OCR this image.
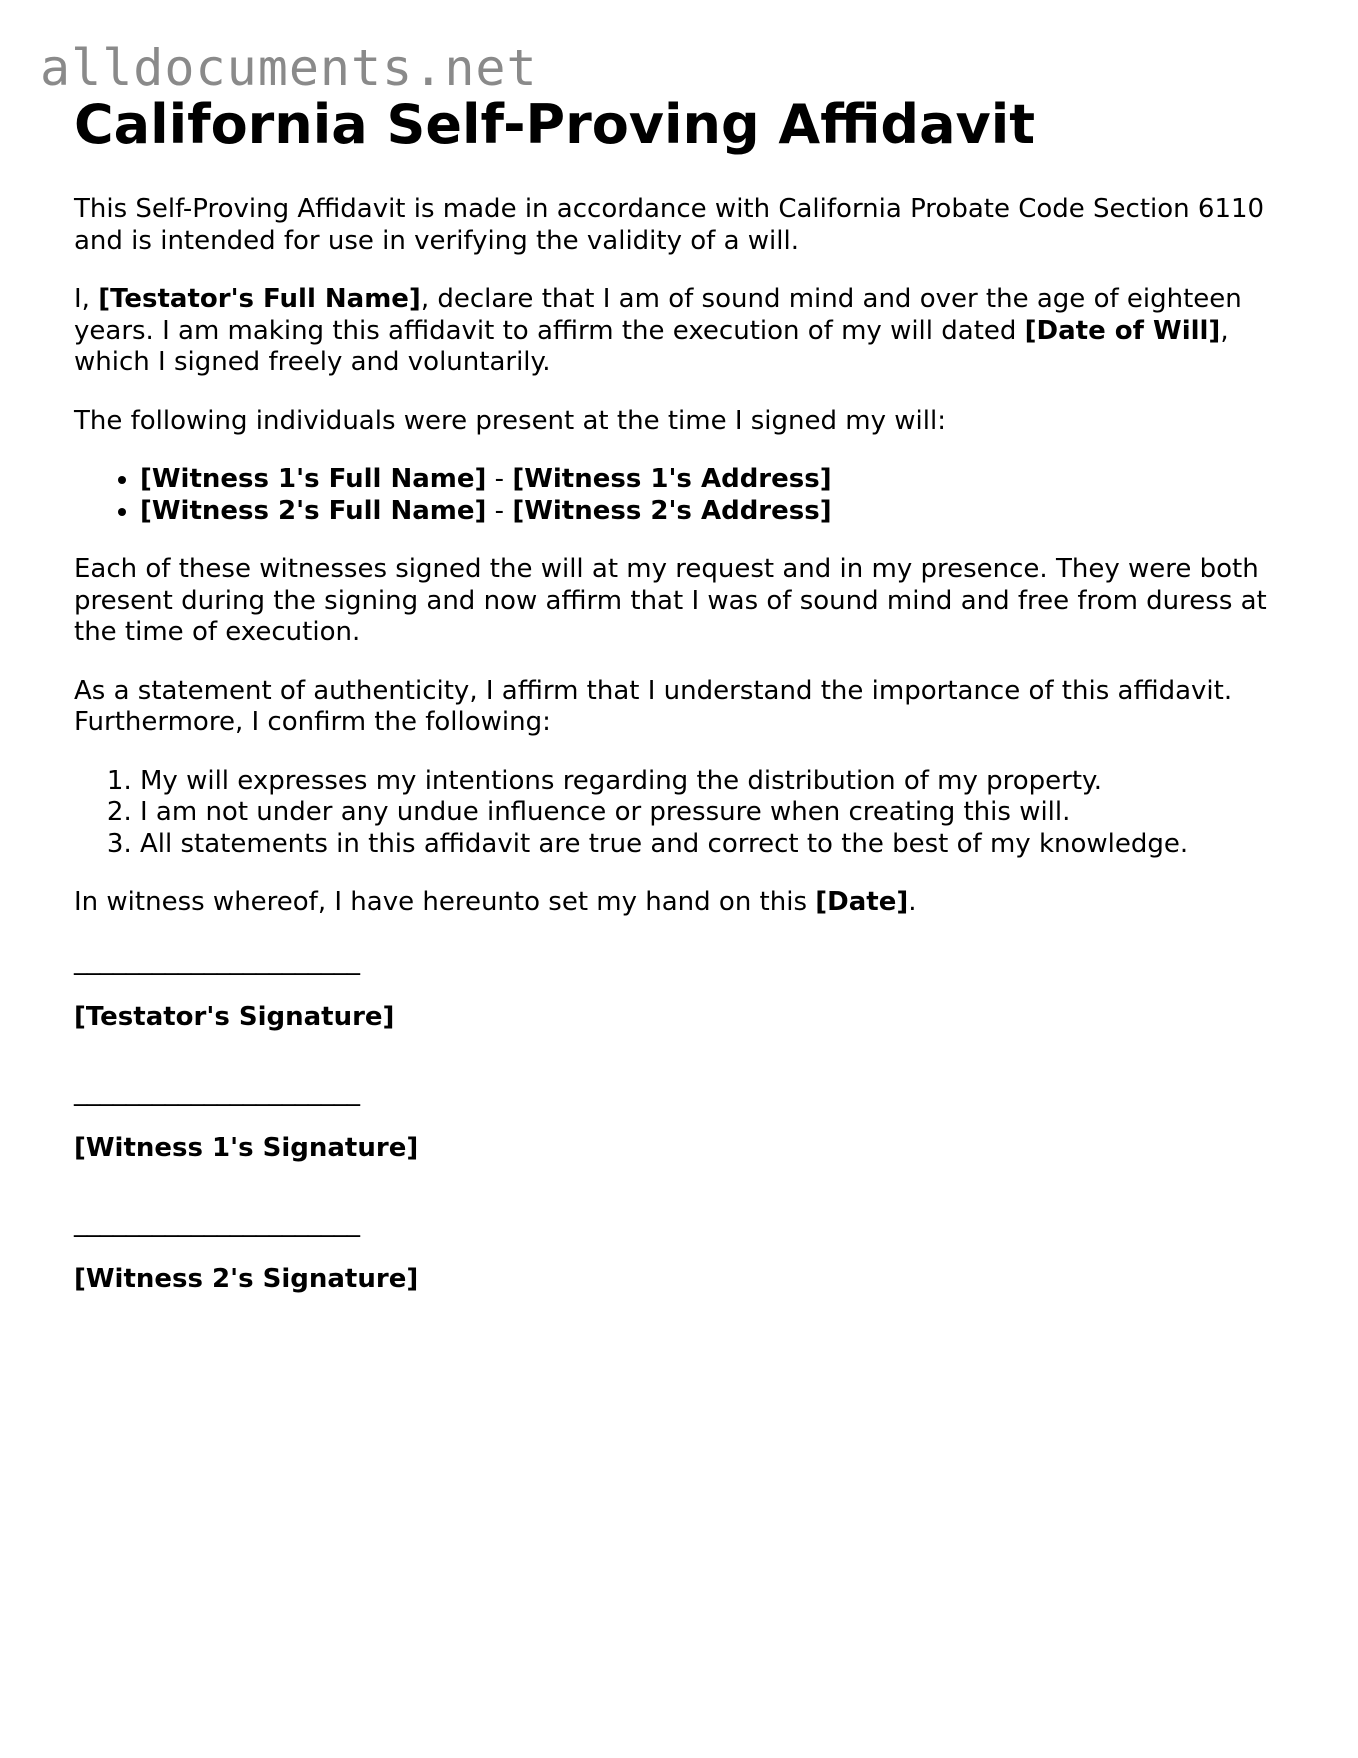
alldocuments.net
California Self-Proving Affidavit

This Self-Proving Affidavit is made in accordance with California Probate Code Section 6110 and is intended for use in verifying the validity of a will.

I, [Testator's Full Name], declare that I am of sound mind and over the age of eighteen years. I am making this affidavit to affirm the execution of my will dated [Date of Will], which I signed freely and voluntarily.

The following individuals were present at the time I signed my will:

• [Witness 1's Full Name] - [Witness 1's Address]
• [Witness 2's Full Name] - [Witness 2's Address]

Each of these witnesses signed the will at my request and in my presence. They were both present during the signing and now affirm that I was of sound mind and free from duress at the time of execution.

As a statement of authenticity, I affirm that I understand the importance of this affidavit. Furthermore, I confirm the following:

1. My will expresses my intentions regarding the distribution of my property.
2. I am not under any undue influence or pressure when creating this will.
3. All statements in this affidavit are true and correct to the best of my knowledge.

In witness whereof, I have hereunto set my hand on this [Date].

______________________
[Testator's Signature]
______________________
[Witness 1's Signature]
______________________
[Witness 2's Signature]
